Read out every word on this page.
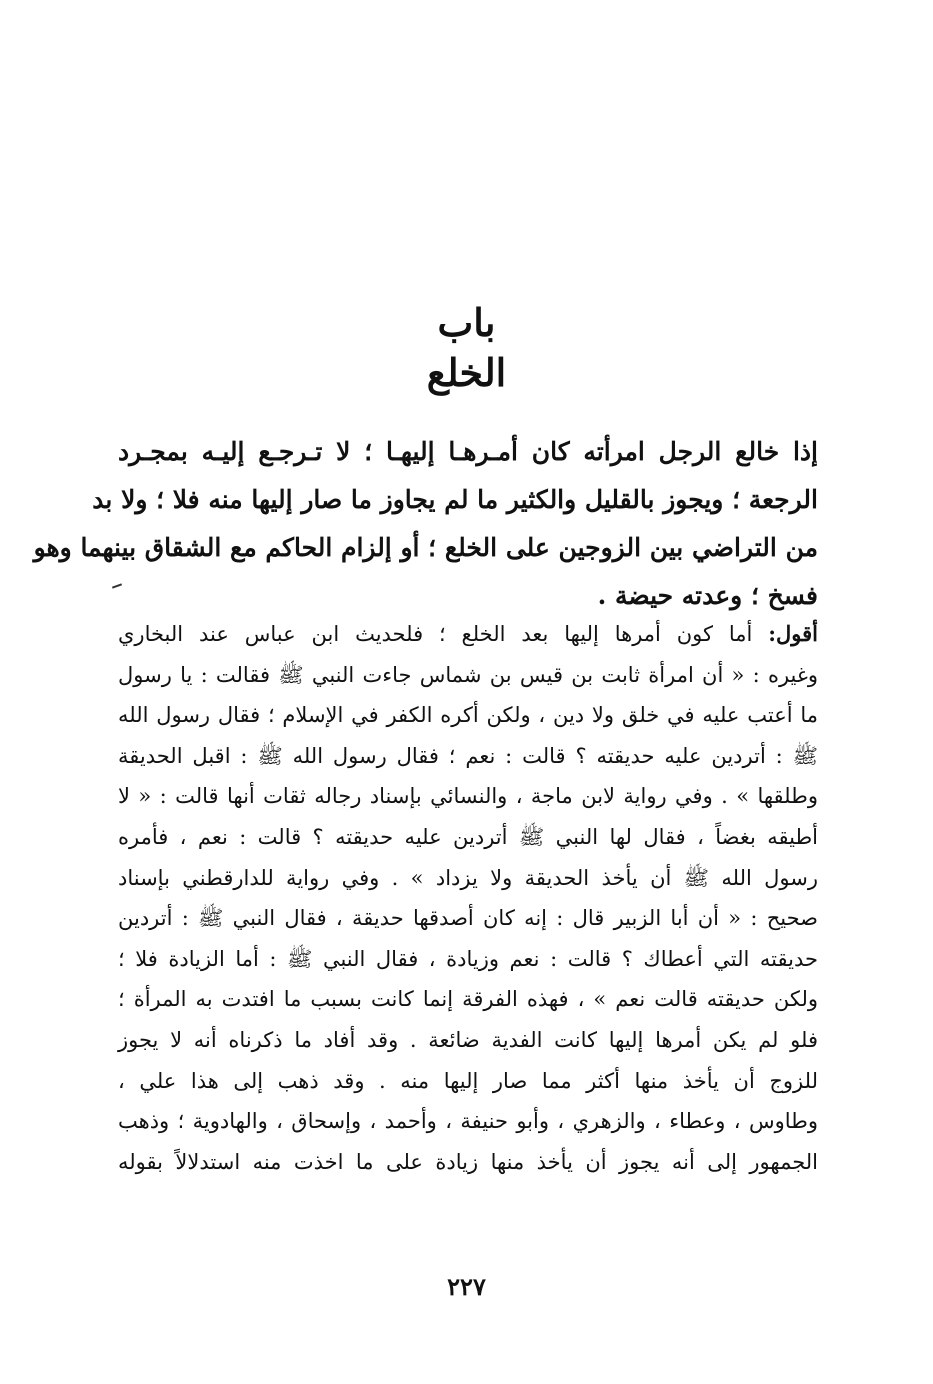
باب
الخلع
إذا خالع الرجل امرأته كان أمـرهـا إليهـا ؛ لا تـرجـع إليـه بمجـرد
الرجعة ؛ ويجوز بالقليل والكثير ما لم يجاوز ما صار إليها منه فلا ؛ ولا بد
من التراضي بين الزوجين على الخلع ؛ أو إلزام الحاكم مع الشقاق بينهما وهو
فسخ ؛ وعدته حيضة .
أقول: أما كون أمرها إليها بعد الخلع ؛ فلحديث ابن عباس عند البخاري
وغيره : « أن امرأة ثابت بن قيس بن شماس جاءت النبي ﷺ فقالت : يا رسول
ما أعتب عليه في خلق ولا دين ، ولكن أكره الكفر في الإسلام ؛ فقال رسول الله
ﷺ : أتردين عليه حديقته ؟ قالت : نعم ؛ فقال رسول الله ﷺ : اقبل الحديقة
وطلقها » . وفي رواية لابن ماجة ، والنسائي بإسناد رجاله ثقات أنها قالت : « لا
أطيقه بغضاً ، فقال لها النبي ﷺ أتردين عليه حديقته ؟ قالت : نعم ، فأمره
رسول الله ﷺ أن يأخذ الحديقة ولا يزداد » . وفي رواية للدارقطني بإسناد
صحيح : « أن أبا الزبير قال : إنه كان أصدقها حديقة ، فقال النبي ﷺ : أتردين
حديقته التي أعطاك ؟ قالت : نعم وزيادة ، فقال النبي ﷺ : أما الزيادة فلا ؛
ولكن حديقته قالت نعم » ، فهذه الفرقة إنما كانت بسبب ما افتدت به المرأة ؛
فلو لم يكن أمرها إليها كانت الفدية ضائعة . وقد أفاد ما ذكرناه أنه لا يجوز
للزوج أن يأخذ منها أكثر مما صار إليها منه . وقد ذهب إلى هذا علي ،
وطاوس ، وعطاء ، والزهري ، وأبو حنيفة ، وأحمد ، وإسحاق ، والهادوية ؛ وذهب
الجمهور إلى أنه يجوز أن يأخذ منها زيادة على ما اخذت منه استدلالاً بقوله
٢٢٧
